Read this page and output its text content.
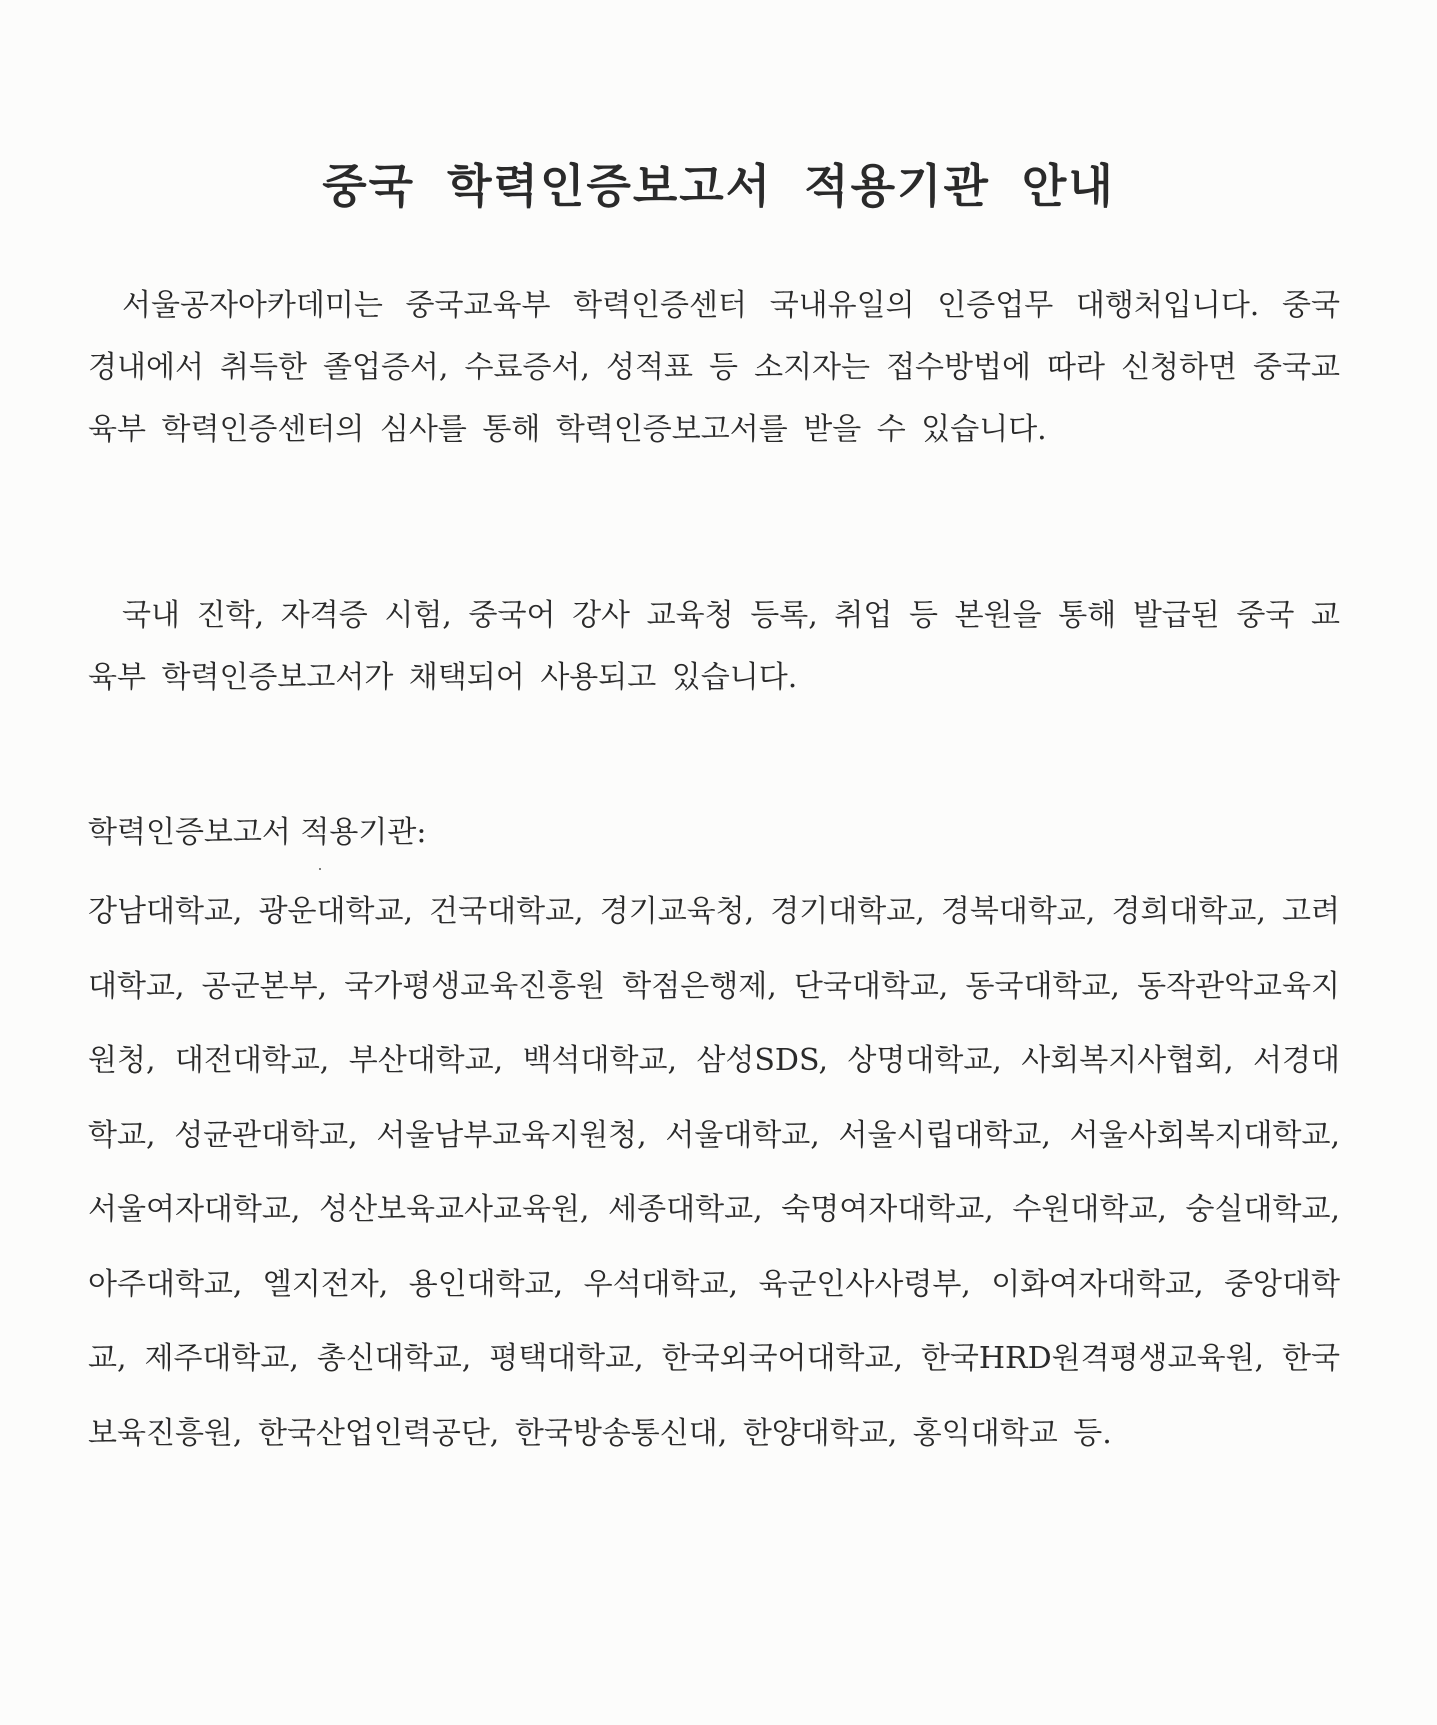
중국 학력인증보고서 적용기관 안내

서울공자아카데미는 중국교육부 학력인증센터 국내유일의 인증업무 대행처입니다. 중국 경내에서 취득한 졸업증서, 수료증서, 성적표 등 소지자는 접수방법에 따라 신청하면 중국교육부 학력인증센터의 심사를 통해 학력인증보고서를 받을 수 있습니다.

국내 진학, 자격증 시험, 중국어 강사 교육청 등록, 취업 등 본원을 통해 발급된 중국 교육부 학력인증보고서가 채택되어 사용되고 있습니다.

학력인증보고서 적용기관:

강남대학교, 광운대학교, 건국대학교, 경기교육청, 경기대학교, 경북대학교, 경희대학교, 고려대학교, 공군본부, 국가평생교육진흥원 학점은행제, 단국대학교, 동국대학교, 동작관악교육지원청, 대전대학교, 부산대학교, 백석대학교, 삼성SDS, 상명대학교, 사회복지사협회, 서경대학교, 성균관대학교, 서울남부교육지원청, 서울대학교, 서울시립대학교, 서울사회복지대학교, 서울여자대학교, 성산보육교사교육원, 세종대학교, 숙명여자대학교, 수원대학교, 숭실대학교, 아주대학교, 엘지전자, 용인대학교, 우석대학교, 육군인사사령부, 이화여자대학교, 중앙대학교, 제주대학교, 총신대학교, 평택대학교, 한국외국어대학교, 한국HRD원격평생교육원, 한국보육진흥원, 한국산업인력공단, 한국방송통신대, 한양대학교, 홍익대학교 등.
